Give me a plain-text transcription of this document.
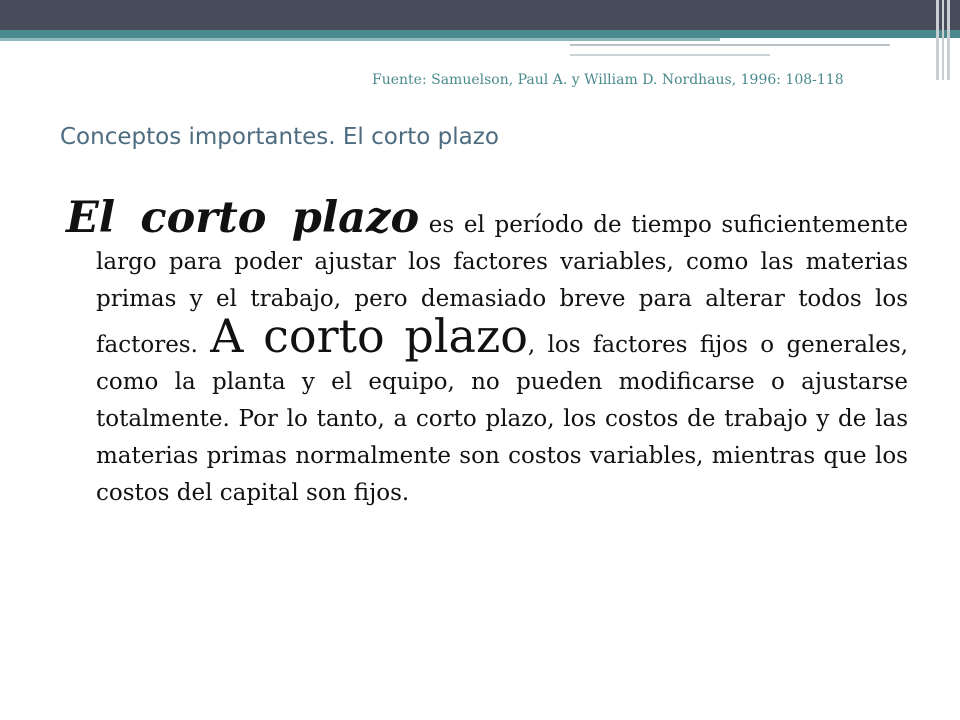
Fuente: Samuelson, Paul A. y William D. Nordhaus, 1996: 108-118
Conceptos importantes. El corto plazo
El corto plazo es el período de tiempo suficientemente largo para poder ajustar los factores variables, como las materias primas y el trabajo, pero demasiado breve para alterar todos los factores. A corto plazo, los factores fijos o generales, como la planta y el equipo, no pueden modificarse o ajustarse totalmente. Por lo tanto, a corto plazo, los costos de trabajo y de las materias primas normalmente son costos variables, mientras que los costos del capital son fijos.
